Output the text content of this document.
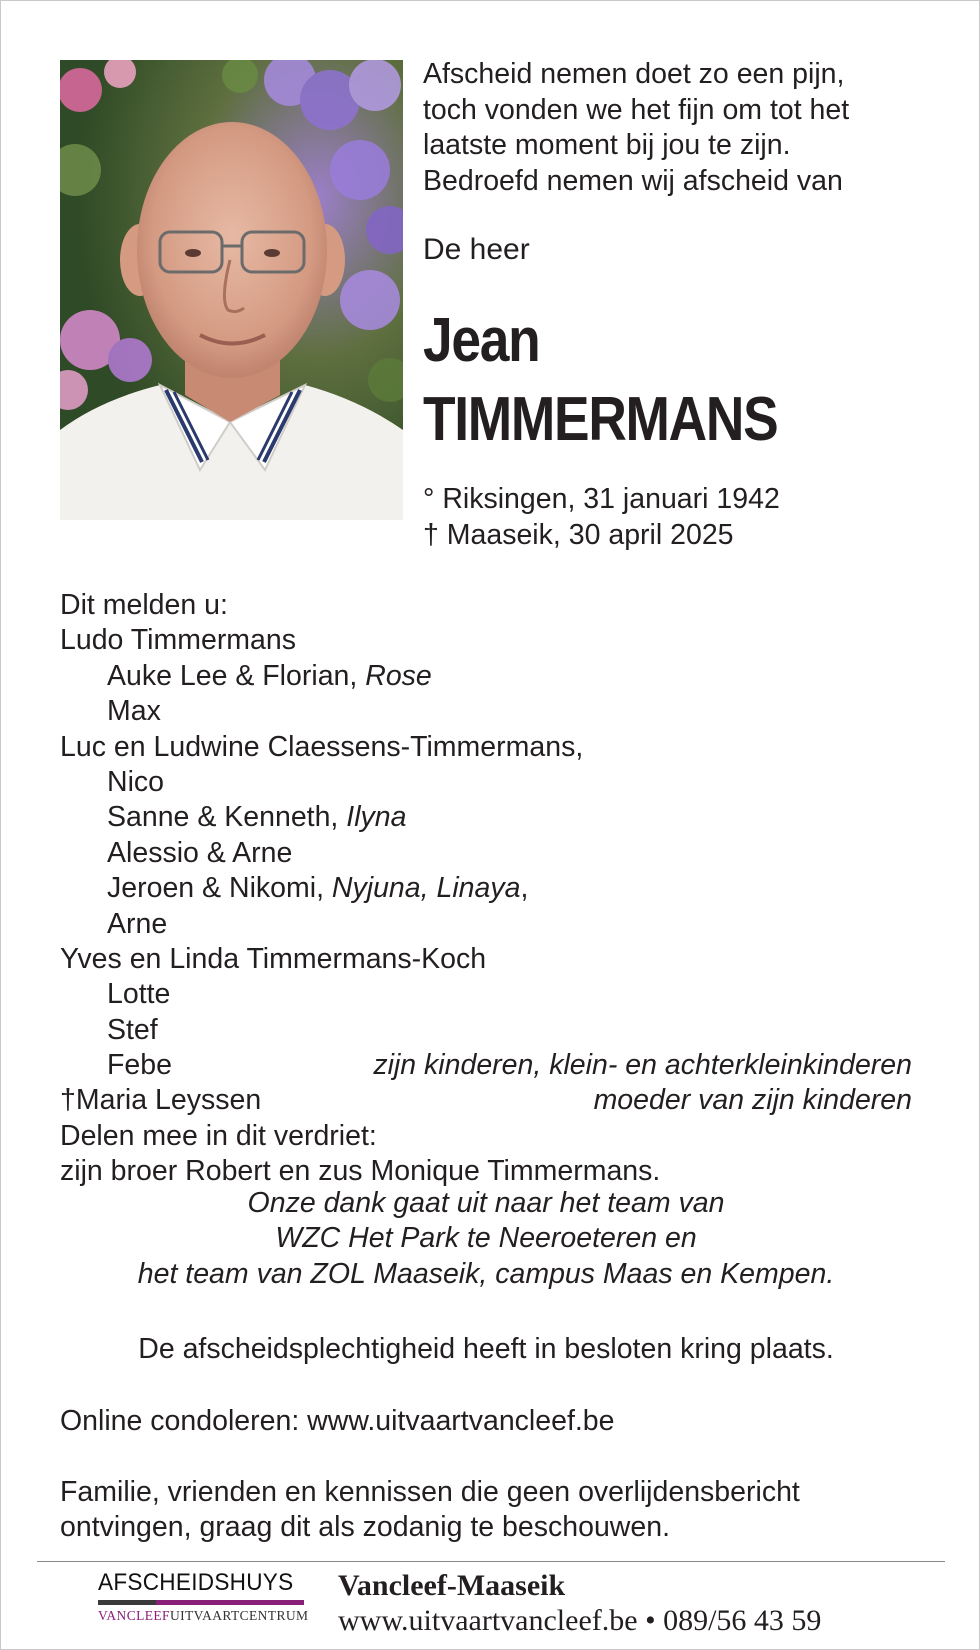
Afscheid nemen doet zo een pijn,

toch vonden we het fijn om tot het

laatste moment bij jou te zijn.

Bedroefd nemen wij afscheid van

De heer
Jean
TIMMERMANS
° Riksingen, 31 januari 1942
† Maaseik, 30 april 2025
Dit melden u:
Ludo Timmermans
Auke Lee & Florian, Rose
Max
Luc en Ludwine Claessens-Timmermans,
Nico
Sanne & Kenneth, Ilyna
Alessio & Arne
Jeroen & Nikomi, Nyjuna, Linaya,
Arne
Yves en Linda Timmermans-Koch
Lotte
Stef
Febe	zijn kinderen, klein- en achterkleinkinderen
†Maria Leyssen	moeder van zijn kinderen
Delen mee in dit verdriet:
zijn broer Robert en zus Monique Timmermans.
Onze dank gaat uit naar het team van
WZC Het Park te Neeroeteren en
het team van ZOL Maaseik, campus Maas en Kempen.
De afscheidsplechtigheid heeft in besloten kring plaats.
Online condoleren: www.uitvaartvancleef.be
Familie, vrienden en kennissen die geen overlijdensbericht
ontvingen, graag dit als zodanig te beschouwen.
AFSCHEIDSHUYS
VANCLEEF UITVAARTCENTRUM
Vancleef-Maaseik
www.uitvaartvancleef.be • 089/56 43 59
